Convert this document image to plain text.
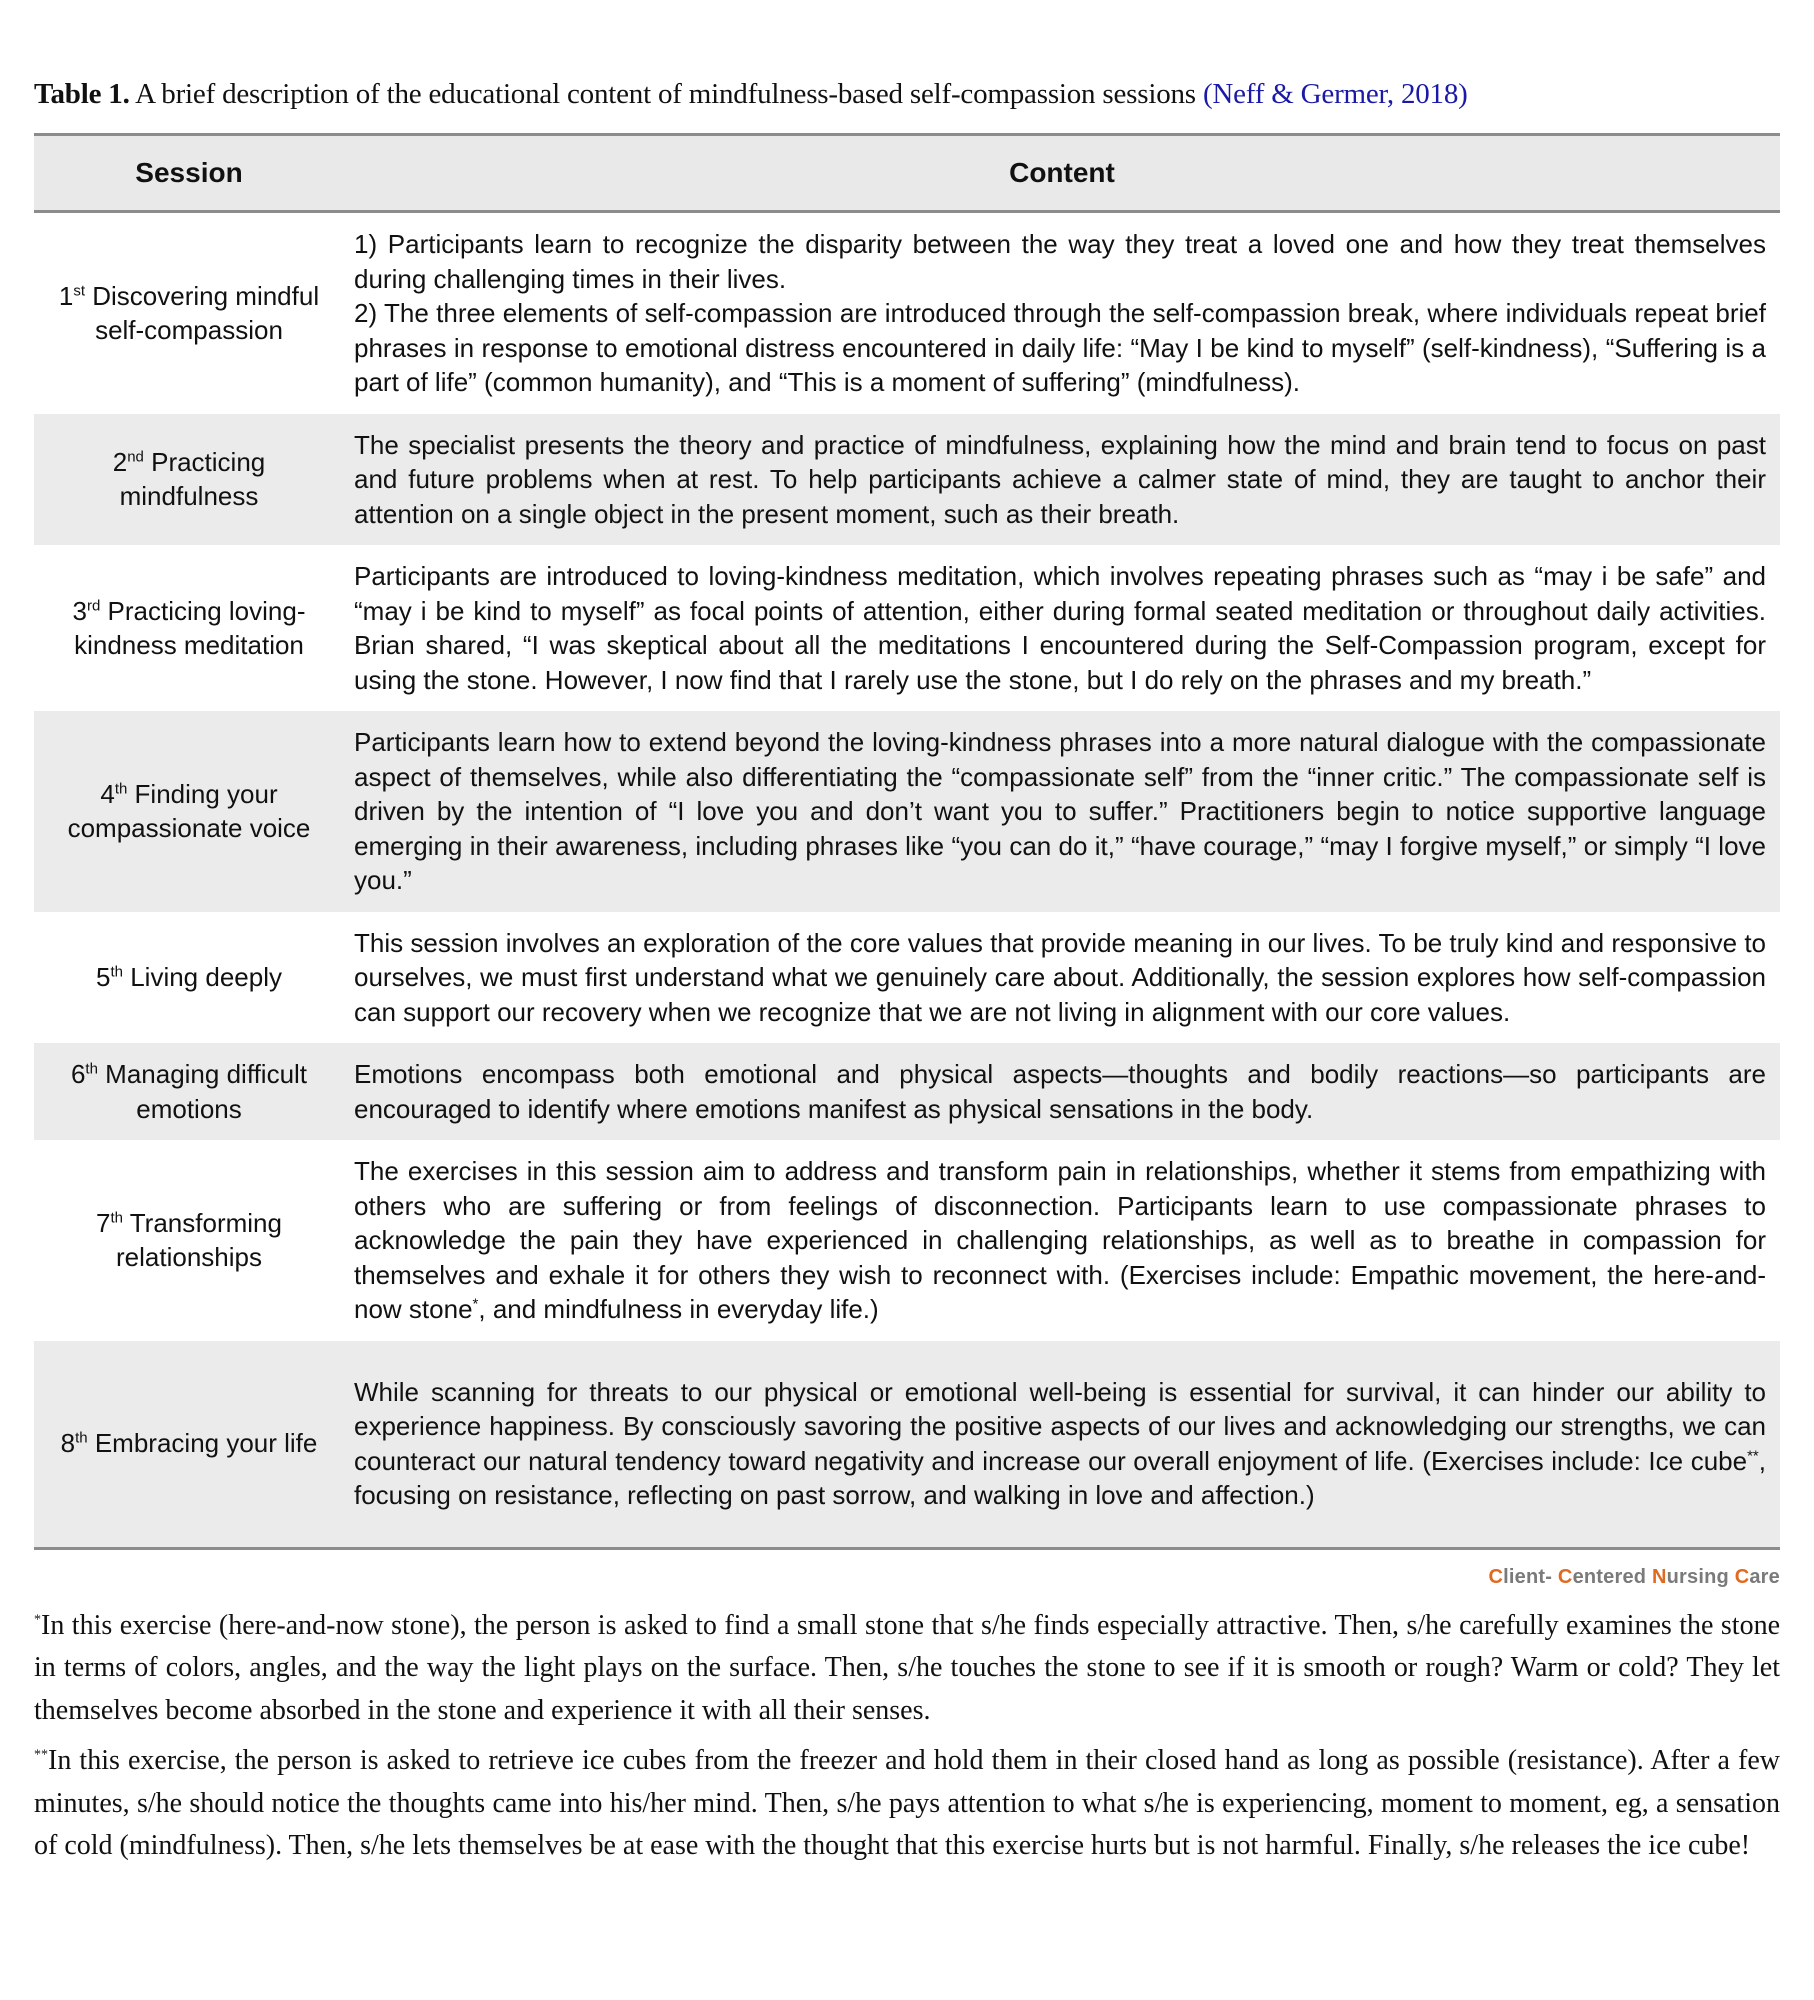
Table 1. A brief description of the educational content of mindfulness-based self-compassion sessions (Neff & Germer, 2018)

Session	Content
1st Discovering mindful self-compassion	1) Participants learn to recognize the disparity between the way they treat a loved one and how they treat themselves during challenging times in their lives.
2) The three elements of self-compassion are introduced through the self-compassion break, where individuals repeat brief phrases in response to emotional distress encountered in daily life: “May I be kind to myself” (self-kindness), “Suffering is a part of life” (common humanity), and “This is a moment of suffering” (mindfulness).

2nd Practicing mindfulness	The specialist presents the theory and practice of mindfulness, explaining how the mind and brain tend to focus on past and future problems when at rest. To help participants achieve a calmer state of mind, they are taught to anchor their attention on a single object in the present moment, such as their breath.
3rd Practicing loving-kindness meditation	Participants are introduced to loving-kindness meditation, which involves repeating phrases such as “may i be safe” and “may i be kind to myself” as focal points of attention, either during formal seated meditation or throughout daily activities. Brian shared, “I was skeptical about all the meditations I encountered during the Self-Compassion program, except for using the stone. However, I now find that I rarely use the stone, but I do rely on the phrases and my breath.”
4th Finding your compassionate voice	Participants learn how to extend beyond the loving-kindness phrases into a more natural dialogue with the compassionate aspect of themselves, while also differentiating the “compassionate self” from the “inner critic.” The compassionate self is driven by the intention of “I love you and don’t want you to suffer.” Practitioners begin to notice supportive language emerging in their awareness, including phrases like “you can do it,” “have courage,” “may I forgive myself,” or simply “I love you.”
5th Living deeply	This session involves an exploration of the core values that provide meaning in our lives. To be truly kind and responsive to ourselves, we must first understand what we genuinely care about. Additionally, the session explores how self-compassion can support our recovery when we recognize that we are not living in alignment with our core values.
6th Managing difficult emotions	Emotions encompass both emotional and physical aspects—thoughts and bodily reactions—so participants are encouraged to identify where emotions manifest as physical sensations in the body.
7th Transforming relationships	The exercises in this session aim to address and transform pain in relationships, whether it stems from empathizing with others who are suffering or from feelings of disconnection. Participants learn to use compassionate phrases to acknowledge the pain they have experienced in challenging relationships, as well as to breathe in compassion for themselves and exhale it for others they wish to reconnect with. (Exercises include: Empathic movement, the here-and-now stone*, and mindfulness in everyday life.)
8th Embracing your life	While scanning for threats to our physical or emotional well-being is essential for survival, it can hinder our ability to experience happiness. By consciously savoring the positive aspects of our lives and acknowledging our strengths, we can counteract our natural tendency toward negativity and increase our overall enjoyment of life. (Exercises include: Ice cube**, focusing on resistance, reflecting on past sorrow, and walking in love and affection.)
Client- Centered Nursing Care

*In this exercise (here-and-now stone), the person is asked to find a small stone that s/he finds especially attractive. Then, s/he carefully examines the stone in terms of colors, angles, and the way the light plays on the surface. Then, s/he touches the stone to see if it is smooth or rough? Warm or cold? They let themselves become absorbed in the stone and experience it with all their senses.

**In this exercise, the person is asked to retrieve ice cubes from the freezer and hold them in their closed hand as long as possible (resistance). After a few minutes, s/he should notice the thoughts came into his/her mind. Then, s/he pays attention to what s/he is experiencing, moment to moment, eg, a sensation of cold (mindfulness). Then, s/he lets themselves be at ease with the thought that this exercise hurts but is not harmful. Finally, s/he releases the ice cube!
